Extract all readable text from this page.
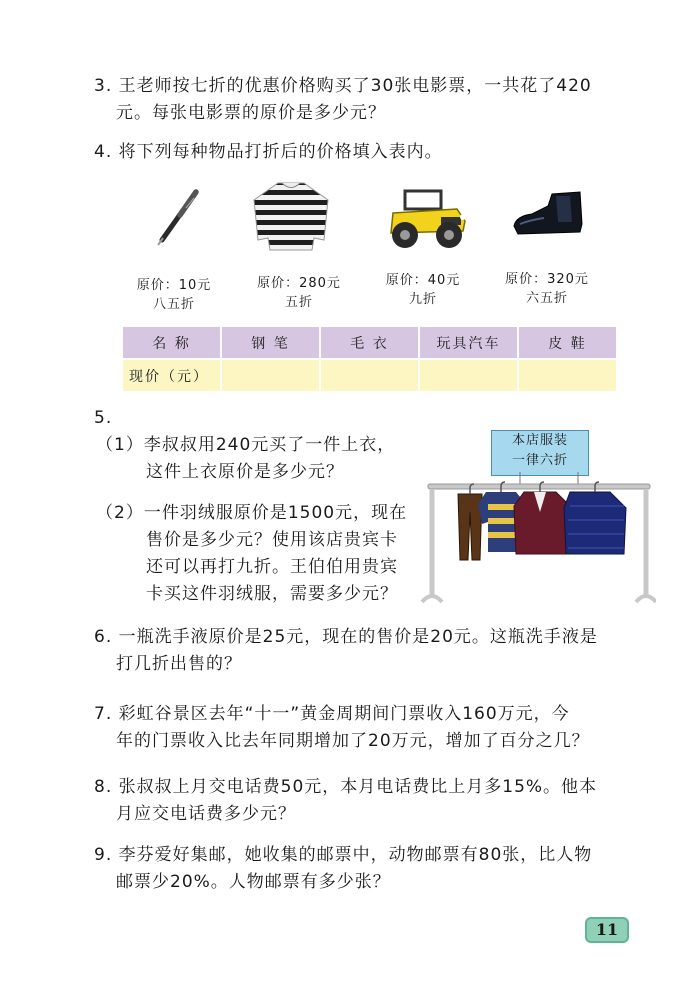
3. 王老师按七折的优惠价格购买了30张电影票，一共花了420
元。每张电影票的原价是多少元？
4. 将下列每种物品打折后的价格填入表内。
原价：10元
八五折
原价：280元
五折
原价：40元
九折
原价：320元
六五折
名 称	钢 笔	毛 衣	玩具汽车	皮 鞋
现价（元）				
5.
（1）李叔叔用240元买了一件上衣，
这件上衣原价是多少元？
（2）一件羽绒服原价是1500元，现在
售价是多少元？使用该店贵宾卡
还可以再打九折。王伯伯用贵宾
卡买这件羽绒服，需要多少元？
本店服装
一律六折
6. 一瓶洗手液原价是25元，现在的售价是20元。这瓶洗手液是
打几折出售的？
7. 彩虹谷景区去年“十一”黄金周期间门票收入160万元，今
年的门票收入比去年同期增加了20万元，增加了百分之几？
8. 张叔叔上月交电话费50元，本月电话费比上月多15%。他本
月应交电话费多少元？
9. 李芬爱好集邮，她收集的邮票中，动物邮票有80张，比人物
邮票少20%。人物邮票有多少张？
11
